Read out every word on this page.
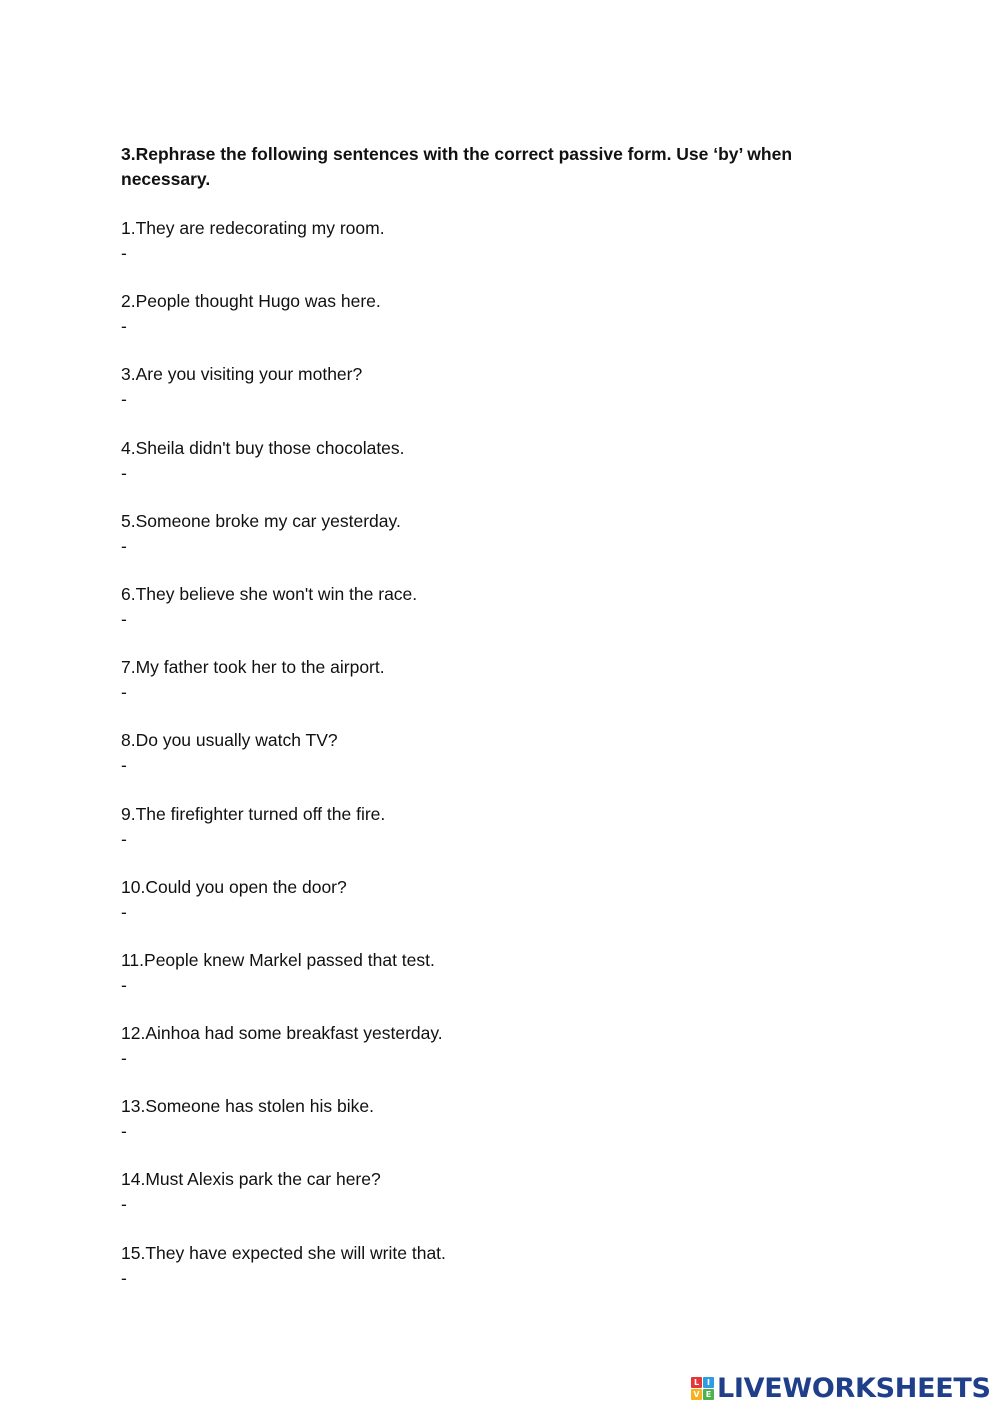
3.Rephrase the following sentences with the correct passive form. Use ‘by’ when
necessary.

1.They are redecorating my room.
-
2.People thought Hugo was here.
-
3.Are you visiting your mother?
-
4.Sheila didn't buy those chocolates.
-
5.Someone broke my car yesterday.
-
6.They believe she won't win the race.
-
7.My father took her to the airport.
-
8.Do you usually watch TV?
-
9.The firefighter turned off the fire.
-
10.Could you open the door?
-
11.People knew Markel passed that test.
-
12.Ainhoa had some breakfast yesterday.
-
13.Someone has stolen his bike.
-
14.Must Alexis park the car here?
-
15.They have expected she will write that.
-
L I
V E LIVEWORKSHEETS
